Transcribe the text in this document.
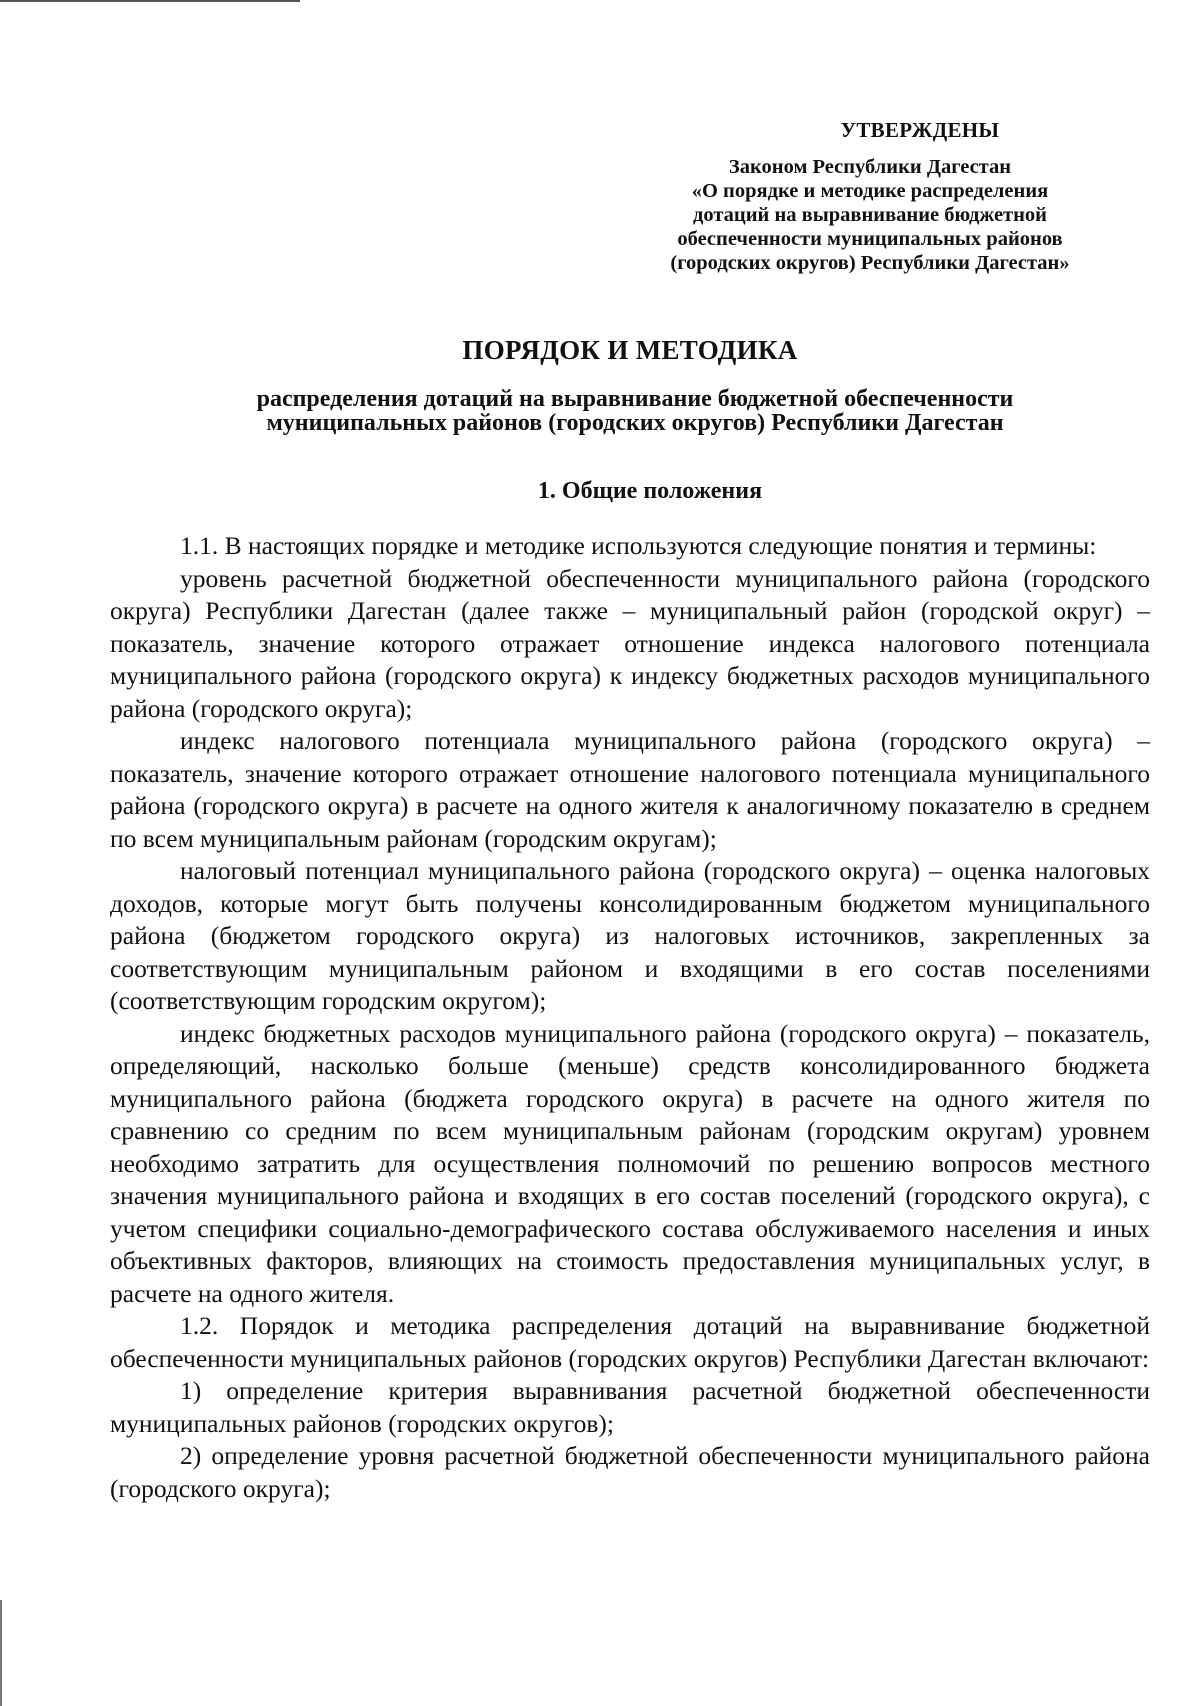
УТВЕРЖДЕНЫ
Законом Республики Дагестан
«О порядке и методике распределения
дотаций на выравнивание бюджетной
обеспеченности муниципальных районов
(городских округов) Республики Дагестан»
ПОРЯДОК И МЕТОДИКА
распределения дотаций на выравнивание бюджетной обеспеченности
муниципальных районов (городских округов) Республики Дагестан
1. Общие положения

1.1. В настоящих порядке и методике используются следующие понятия и термины:

уровень расчетной бюджетной обеспеченности муниципального района (городского округа) Республики Дагестан (далее также – муниципальный район (городской округ) – показатель, значение которого отражает отношение индекса налогового потенциала муниципального района (городского округа) к индексу бюджетных расходов муниципального района (городского округа);

индекс налогового потенциала муниципального района (городского округа) – показатель, значение которого отражает отношение налогового потенциала муниципального района (городского округа) в расчете на одного жителя к аналогичному показателю в среднем по всем муниципальным районам (городским округам);

налоговый потенциал муниципального района (городского округа) – оценка налоговых доходов, которые могут быть получены консолидированным бюджетом муниципального района (бюджетом городского округа) из налоговых источников, закрепленных за соответствующим муниципальным районом и входящими в его состав поселениями (соответствующим городским округом);

индекс бюджетных расходов муниципального района (городского округа) – показатель, определяющий, насколько больше (меньше) средств консолидированного бюджета муниципального района (бюджета городского округа) в расчете на одного жителя по сравнению со средним по всем муниципальным районам (городским округам) уровнем необходимо затратить для осуществления полномочий по решению вопросов местного значения муниципального района и входящих в его состав поселений (городского округа), с учетом специфики социально-демографического состава обслуживаемого населения и иных объективных факторов, влияющих на стоимость предоставления муниципальных услуг, в расчете на одного жителя.

1.2. Порядок и методика распределения дотаций на выравнивание бюджетной обеспеченности муниципальных районов (городских округов) Республики Дагестан включают:

1) определение критерия выравнивания расчетной бюджетной обеспеченности муниципальных районов (городских округов);

2) определение уровня расчетной бюджетной обеспеченности муниципального района (городского округа);
